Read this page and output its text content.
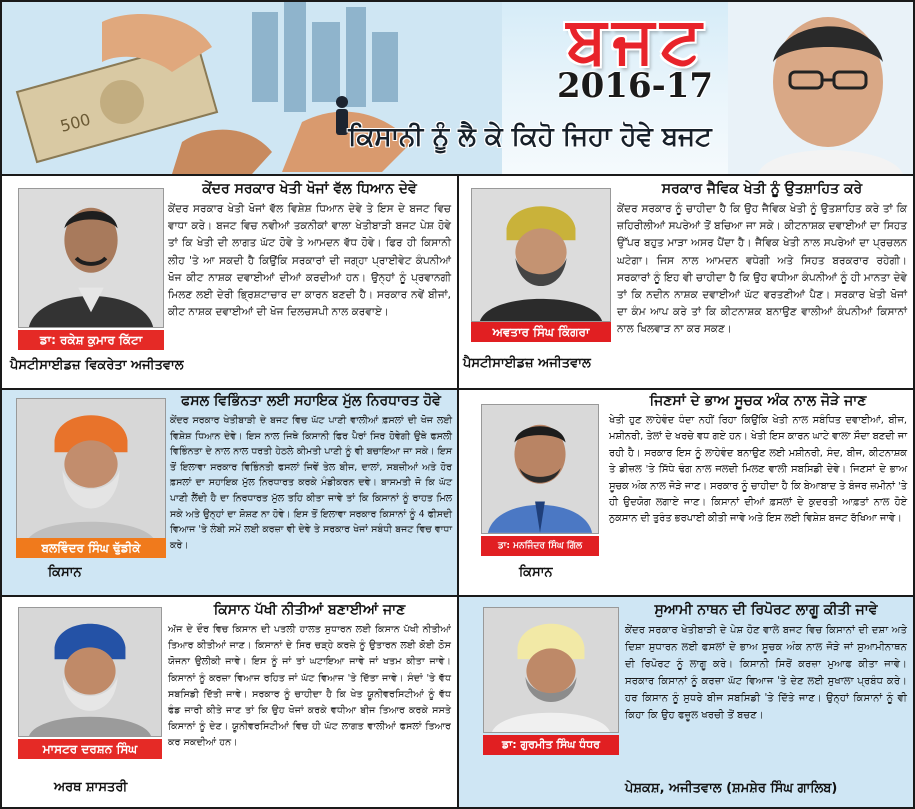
500
ਬਜਟ
2016-17
ਕਿਸਾਨੀ ਨੂੰ ਲੈ ਕੇ ਕਿਹੋ ਜਿਹਾ ਹੋਵੇ ਬਜਟ
ਡਾ: ਰਕੇਸ਼ ਕੁਮਾਰ ਕਿੱਟਾ
ਪੈਸਟੀਸਾਈਡਜ਼ ਵਿਕਰੇਤਾ ਅਜੀਤਵਾਲ
ਕੇਂਦਰ ਸਰਕਾਰ ਖੇਤੀ ਖੋਜਾਂ ਵੱਲ ਧਿਆਨ ਦੇਵੇ

ਕੇਂਦਰ ਸਰਕਾਰ ਖੇਤੀ ਖੋਜਾਂ ਵੱਲ ਵਿਸ਼ੇਸ਼ ਧਿਆਨ ਦੇਵੇ ਤੇ ਇਸ ਦੇ ਬਜਟ ਵਿਚ ਵਾਧਾ ਕਰੇ। ਬਜਟ ਵਿਚ ਨਵੀਆਂ ਤਕਨੀਕਾਂ ਵਾਲਾ ਖੇਤੀਬਾੜੀ ਬਜਟ ਪੇਸ਼ ਹੋਵੇ ਤਾਂ ਕਿ ਖੇਤੀ ਦੀ ਲਾਗਤ ਘੱਟ ਹੋਵੇ ਤੇ ਆਮਦਨ ਵੱਧ ਹੋਵੇ। ਫਿਰ ਹੀ ਕਿਸਾਨੀ ਲੀਹ 'ਤੇ ਆ ਸਕਦੀ ਹੈ ਕਿਉਂਕਿ ਸਰਕਾਰਾਂ ਦੀ ਜਗ੍ਹਾ ਪ੍ਰਾਈਵੇਟ ਕੰਪਨੀਆਂ ਖੋਜ ਕੀਟ ਨਾਸ਼ਕ ਦਵਾਈਆਂ ਦੀਆਂ ਕਰਦੀਆਂ ਹਨ। ਉਨ੍ਹਾਂ ਨੂੰ ਪ੍ਰਵਾਨਗੀ ਮਿਲਣ ਲਈ ਦੇਰੀ ਭ੍ਰਿਸ਼ਟਾਚਾਰ ਦਾ ਕਾਰਨ ਬਣਦੀ ਹੈ। ਸਰਕਾਰ ਨਵੇਂ ਬੀਜਾਂ, ਕੀਟ ਨਾਸ਼ਕ ਦਵਾਈਆਂ ਦੀ ਖੋਜ ਦਿਲਚਸਪੀ ਨਾਲ ਕਰਵਾਏ।

ਅਵਤਾਰ ਸਿੰਘ ਕਿੰਗਰਾ
ਪੈਸਟੀਸਾਈਡਜ਼ ਅਜੀਤਵਾਲ
ਸਰਕਾਰ ਜੈਵਿਕ ਖੇਤੀ ਨੂੰ ਉਤਸ਼ਾਹਿਤ ਕਰੇ

ਕੇਂਦਰ ਸਰਕਾਰ ਨੂੰ ਚਾਹੀਦਾ ਹੈ ਕਿ ਉਹ ਜੈਵਿਕ ਖੇਤੀ ਨੂੰ ਉਤਸ਼ਾਹਿਤ ਕਰੇ ਤਾਂ ਕਿ ਜ਼ਹਿਰੀਲੀਆਂ ਸਪਰੇਆਂ ਤੋਂ ਬਚਿਆ ਜਾ ਸਕੇ। ਕੀਟਨਾਸ਼ਕ ਦਵਾਈਆਂ ਦਾ ਸਿਹਤ ਉੱਪਰ ਬਹੁਤ ਮਾੜਾ ਅਸਰ ਪੈਂਦਾ ਹੈ। ਜੈਵਿਕ ਖੇਤੀ ਨਾਲ ਸਪਰੇਆਂ ਦਾ ਪ੍ਰਚਲਨ ਘਟੇਗਾ। ਜਿਸ ਨਾਲ ਆਮਦਨ ਵਧੇਗੀ ਅਤੇ ਸਿਹਤ ਬਰਕਰਾਰ ਰਹੇਗੀ। ਸਰਕਾਰਾਂ ਨੂੰ ਇਹ ਵੀ ਚਾਹੀਦਾ ਹੈ ਕਿ ਉਹ ਵਧੀਆ ਕੰਪਨੀਆਂ ਨੂੰ ਹੀ ਮਾਨਤਾ ਦੇਵੇ ਤਾਂ ਕਿ ਨਦੀਨ ਨਾਸ਼ਕ ਦਵਾਈਆਂ ਘੱਟ ਵਰਤਣੀਆਂ ਪੈਣ। ਸਰਕਾਰ ਖੇਤੀ ਖੋਜਾਂ ਦਾ ਕੰਮ ਆਪ ਕਰੇ ਤਾਂ ਕਿ ਕੀਟਨਾਸ਼ਕ ਬਨਾਉਣ ਵਾਲੀਆਂ ਕੰਪਨੀਆਂ ਕਿਸਾਨਾਂ ਨਾਲ ਖਿਲਵਾੜ ਨਾ ਕਰ ਸਕਣ।

ਬਲਵਿੰਦਰ ਸਿੰਘ ਢੁੱਡੀਕੇ
ਕਿਸਾਨ
ਫਸਲ ਵਿਭਿੰਨਤਾ ਲਈ ਸਹਾਇਕ ਮੁੱਲ ਨਿਰਧਾਰਤ ਹੋਵੇ

ਕੇਂਦਰ ਸਰਕਾਰ ਖੇਤੀਬਾੜੀ ਦੇ ਬਜਟ ਵਿਚ ਘੱਟ ਪਾਣੀ ਵਾਲੀਆਂ ਫ਼ਸਲਾਂ ਦੀ ਖੋਜ ਲਈ ਵਿਸ਼ੇਸ਼ ਧਿਆਨ ਦੇਵੇ। ਇਸ ਨਾਲ ਜਿਥੇ ਕਿਸਾਨੀ ਫਿਰ ਪੈਰਾਂ ਸਿਰ ਹੋਵੇਗੀ ਉਥੇ ਫਸਲੀ ਵਿਭਿੰਨਤਾ ਦੇ ਨਾਲ ਨਾਲ ਧਰਤੀ ਹੇਠਲੇ ਕੀਮਤੀ ਪਾਣੀ ਨੂੰ ਵੀ ਬਚਾਇਆ ਜਾ ਸਕੇ। ਇਸ ਤੋਂ ਇਲਾਵਾ ਸਰਕਾਰ ਵਿਭਿੰਨਤੀ ਫਸਲਾਂ ਜਿਵੇਂ ਤੇਲ ਬੀਜ, ਦਾਲਾਂ, ਸਬਜ਼ੀਆਂ ਅਤੇ ਹੋਰ ਫ਼ਸਲਾਂ ਦਾ ਸਹਾਇਕ ਮੁੱਲ ਨਿਰਧਾਰਤ ਕਰਕੇ ਮੰਡੀਕਰਨ ਦਵੇ। ਬਾਸਮਤੀ ਜੋ ਕਿ ਘੱਟ ਪਾਣੀ ਲੈਂਦੀ ਹੈ ਦਾ ਨਿਰਧਾਰਤ ਮੁੱਲ ਤਹਿ ਕੀਤਾ ਜਾਵੇ ਤਾਂ ਕਿ ਕਿਸਾਨਾਂ ਨੂੰ ਰਾਹਤ ਮਿਲ ਸਕੇ ਅਤੇ ਉਨ੍ਹਾਂ ਦਾ ਸ਼ੋਸ਼ਣ ਨਾ ਹੋਵੇ। ਇਸ ਤੋਂ ਇਲਾਵਾ ਸਰਕਾਰ ਕਿਸਾਨਾਂ ਨੂੰ 4 ਫੀਸਦੀ ਵਿਆਜ 'ਤੇ ਲੰਬੀ ਸਮੇਂ ਲਈ ਕਰਜ਼ਾ ਵੀ ਦੇਵੇ ਤੇ ਸਰਕਾਰ ਖੇਜਾਂ ਸਬੰਧੀ ਬਜਟ ਵਿਚ ਵਾਧਾ ਕਰੇ।	ਡਾ: ਮਨਜਿੰਦਰ ਸਿੰਘ ਗਿੱਲ
ਕਿਸਾਨ
ਜਿਣਸਾਂ ਦੇ ਭਾਅ ਸੂਚਕ ਅੰਕ ਨਾਲ ਜੋੜੇ ਜਾਣ

ਖੇਤੀ ਹੁਣ ਲਾਹੇਵੰਦ ਧੰਦਾ ਨਹੀਂ ਰਿਹਾ ਕਿਉਂਕਿ ਖੇਤੀ ਨਾਲ ਸਬੰਧਿਤ ਦਵਾਈਆਂ, ਬੀਜ, ਮਸ਼ੀਨਰੀ, ਤੇਲਾਂ ਦੇ ਖਰਚੇ ਵਧ ਗਏ ਹਨ। ਖੇਤੀ ਇਸ ਕਾਰਨ ਘਾਟੇ ਵਾਲਾ ਸੌਦਾ ਬਣਦੀ ਜਾ ਰਹੀ ਹੈ। ਸਰਕਾਰ ਇਸ ਨੂੰ ਲਾਹੇਵੰਦ ਬਨਾਉਣ ਲਈ ਮਸ਼ੀਨਰੀ, ਸੰਦ, ਬੀਜ, ਕੀਟਨਾਸ਼ਕ ਤੇ ਡੀਜ਼ਲ 'ਤੇ ਸਿੱਧੇ ਢੰਗ ਨਾਲ ਜਲਦੀ ਮਿਲਣ ਵਾਲੀ ਸਬਸਿਡੀ ਦੇਵੇ। ਜਿਣਸਾਂ ਦੇ ਭਾਅ ਸੂਚਕ ਅੰਕ ਨਾਲ ਜੋੜੇ ਜਾਣ। ਸਰਕਾਰ ਨੂੰ ਚਾਹੀਦਾ ਹੈ ਕਿ ਬੇਆਬਾਦ ਤੇ ਬੰਜਰ ਜ਼ਮੀਨਾਂ 'ਤੇ ਹੀ ਉਦਯੋਗ ਲਗਾਏ ਜਾਣ। ਕਿਸਾਨਾਂ ਦੀਆਂ ਫ਼ਸਲਾਂ ਦੇ ਕੁਦਰਤੀ ਆਫ਼ਤਾਂ ਨਾਲ ਹੋਏ ਨੁਕਸਾਨ ਦੀ ਤੁਰੰਤ ਭਰਪਾਈ ਕੀਤੀ ਜਾਵੇ ਅਤੇ ਇਸ ਲਈ ਵਿਸ਼ੇਸ਼ ਬਜਟ ਰੱਖਿਆ ਜਾਵੇ।

ਮਾਸਟਰ ਦਰਸ਼ਨ ਸਿੰਘ
ਅਰਥ ਸ਼ਾਸਤਰੀ
ਕਿਸਾਨ ਪੱਖੀ ਨੀਤੀਆਂ ਬਣਾਈਆਂ ਜਾਣ

ਅੱਜ ਦੇ ਦੌਰ ਵਿਚ ਕਿਸਾਨ ਦੀ ਪਤਲੀ ਹਾਲਤ ਸੁਧਾਰਨ ਲਈ ਕਿਸਾਨ ਪੱਖੀ ਨੀਤੀਆਂ ਤਿਆਰ ਕੀਤੀਆਂ ਜਾਣ। ਕਿਸਾਨਾਂ ਦੇ ਸਿਰ ਚੜ੍ਹੇ ਕਰਜ਼ੇ ਨੂੰ ਉਤਾਰਨ ਲਈ ਕੋਈ ਠੋਸ ਯੋਜਨਾ ਉਲੀਕੀ ਜਾਵੇ। ਇਸ ਨੂੰ ਜਾਂ ਤਾਂ ਘਟਾਇਆ ਜਾਵੇ ਜਾਂ ਖਤਮ ਕੀਤਾ ਜਾਵੇ। ਕਿਸਾਨਾਂ ਨੂੰ ਕਰਜ਼ਾ ਵਿਆਜ ਰਹਿਤ ਜਾਂ ਘੱਟ ਵਿਆਜ 'ਤੇ ਦਿੱਤਾ ਜਾਵੇ। ਸੰਦਾਂ 'ਤੇ ਵੱਧ ਸਬਸਿਡੀ ਦਿੱਤੀ ਜਾਵੇ। ਸਰਕਾਰ ਨੂੰ ਚਾਹੀਦਾ ਹੈ ਕਿ ਖੇਤ ਯੂਨੀਵਰਸਿਟੀਆਂ ਨੂੰ ਵੱਧ ਫੰਡ ਜਾਰੀ ਕੀਤੇ ਜਾਣ ਤਾਂ ਕਿ ਉਹ ਖੋਜਾਂ ਕਰਕੇ ਵਧੀਆ ਬੀਜ ਤਿਆਰ ਕਰਕੇ ਸਸਤੇ ਕਿਸਾਨਾਂ ਨੂੰ ਦੇਣ। ਯੂਨੀਵਰਸਿਟੀਆਂ ਵਿਚ ਹੀ ਘੱਟ ਲਾਗਤ ਵਾਲੀਆਂ ਫਸਲਾਂ ਤਿਆਰ ਕਰ ਸਕਦੀਆਂ ਹਨ।	ਡਾ: ਗੁਰਮੀਤ ਸਿੰਘ ਧੰਧਰ
ਸੁਆਮੀ ਨਾਥਨ ਦੀ ਰਿਪੋਰਟ ਲਾਗੂ ਕੀਤੀ ਜਾਵੇ

ਕੇਂਦਰ ਸਰਕਾਰ ਖੇਤੀਬਾੜੀ ਦੇ ਪੇਸ਼ ਹੋਣ ਵਾਲੇ ਬਜਟ ਵਿਚ ਕਿਸਾਨਾਂ ਦੀ ਦਸ਼ਾ ਅਤੇ ਦਿਸ਼ਾ ਸੁਧਾਰਨ ਲਈ ਫਸਲਾਂ ਦੇ ਭਾਅ ਸੂਚਕ ਅੰਕ ਨਾਲ ਜੋੜੇ ਜਾਂ ਸੁਆਮੀਨਾਥਨ ਦੀ ਰਿਪੋਰਟ ਨੂੰ ਲਾਗੂ ਕਰੇ। ਕਿਸਾਨੀ ਸਿਰੋਂ ਕਰਜ਼ਾ ਮੁਆਫ ਕੀਤਾ ਜਾਵੇ। ਸਰਕਾਰ ਕਿਸਾਨਾਂ ਨੂੰ ਕਰਜ਼ਾ ਘੱਟ ਵਿਆਜ 'ਤੇ ਦੇਣ ਲਈ ਸੁਖਾਲਾ ਪ੍ਰਬੰਧ ਕਰੇ। ਹਰ ਕਿਸਾਨ ਨੂੰ ਸੁਧਰੇ ਬੀਜ ਸਬਸਿਡੀ 'ਤੇ ਦਿੱਤੇ ਜਾਣ। ਉਨ੍ਹਾਂ ਕਿਸਾਨਾਂ ਨੂੰ ਵੀ ਕਿਹਾ ਕਿ ਉਹ ਫਜ਼ੂਲ ਖਰਚੀ ਤੋਂ ਬਚਣ।

ਪੇਸ਼ਕਸ਼, ਅਜੀਤਵਾਲ (ਸ਼ਮਸ਼ੇਰ ਸਿੰਘ ਗਾਲਿਬ)
